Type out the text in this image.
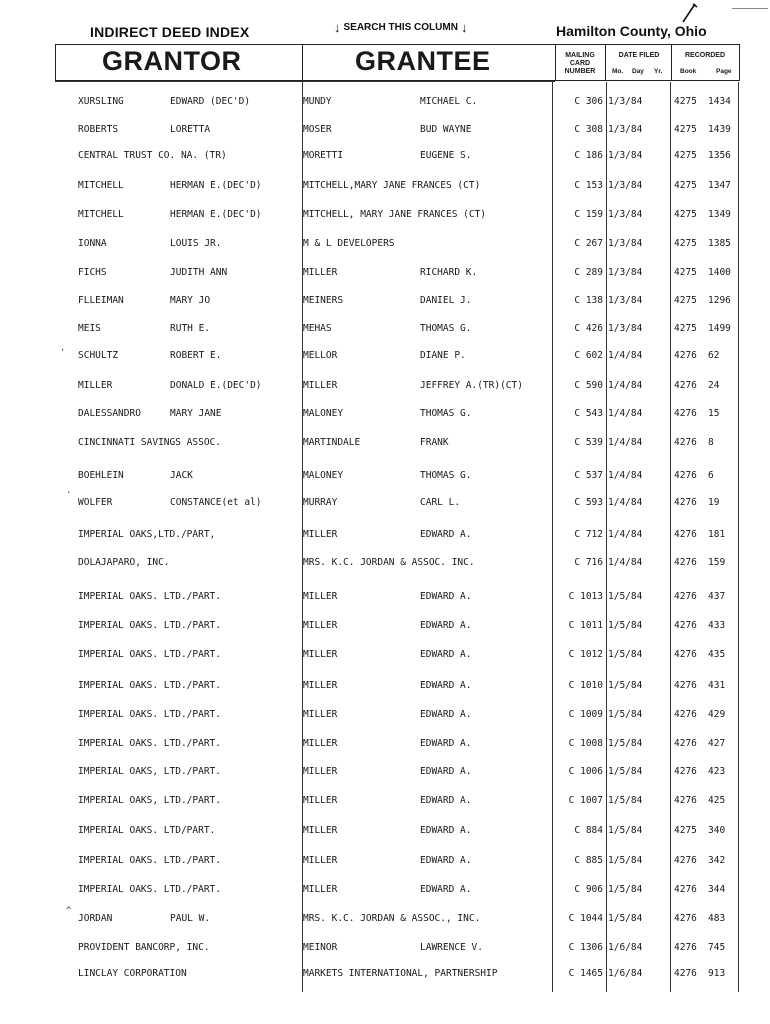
INDIRECT DEED INDEX	↓ SEARCH THIS COLUMN ↓	Hamilton County, Ohio
GRANTOR	GRANTEE	MAILING CARD NUMBER
DATE FILED	RECORDED
Mo. Day Yr.	Book	Page
'
.
^
XURSLING	EDWARD (DEC'D)	MUNDY	MICHAEL C.	C 306 1/3/84	4275 1434
ROBERTS	LORETTA	MOSER	BUD WAYNE	C 308 1/3/84	4275 1439
CENTRAL TRUST CO. NA. (TR)	MORETTI	EUGENE S.	C 186 1/3/84	4275 1356
MITCHELL	HERMAN E.(DEC'D)	MITCHELL,MARY JANE FRANCES (CT)	C 153 1/3/84	4275 1347
MITCHELL	HERMAN E.(DEC'D)	MITCHELL, MARY JANE FRANCES (CT)	C 159 1/3/84	4275 1349
IONNA	LOUIS JR.	M & L DEVELOPERS	C 267 1/3/84	4275 1385
FICHS	JUDITH ANN	MILLER	RICHARD K.	C 289 1/3/84	4275 1400
FLLEIMAN	MARY JO	MEINERS	DANIEL J.	C 138 1/3/84	4275 1296
MEIS	RUTH E.	MEHAS	THOMAS G.	C 426 1/3/84	4275 1499
SCHULTZ	ROBERT E.	MELLOR	DIANE P.	C 602 1/4/84	4276 62
MILLER	DONALD E.(DEC'D)	MILLER	JEFFREY A.(TR)(CT)	C 590 1/4/84	4276 24
DALESSANDRO	MARY JANE	MALONEY	THOMAS G.	C 543 1/4/84	4276 15
CINCINNATI SAVINGS ASSOC.	MARTINDALE	FRANK	C 539 1/4/84	4276 8
BOEHLEIN	JACK	MALONEY	THOMAS G.	C 537 1/4/84	4276 6
WOLFER	CONSTANCE(et al)	MURRAY	CARL L.	C 593 1/4/84	4276 19
IMPERIAL OAKS,LTD./PART,	MILLER	EDWARD A.	C 712 1/4/84	4276 181
DOLAJAPARO, INC.	MRS. K.C. JORDAN & ASSOC. INC.	C 716 1/4/84	4276 159
IMPERIAL OAKS. LTD./PART.	MILLER	EDWARD A.	C 1013 1/5/84	4276 437
IMPERIAL OAKS. LTD./PART.	MILLER	EDWARD A.	C 1011 1/5/84	4276 433
IMPERIAL OAKS. LTD./PART.	MILLER	EDWARD A.	C 1012 1/5/84	4276 435
IMPERIAL OAKS. LTD./PART.	MILLER	EDWARD A.	C 1010 1/5/84	4276 431
IMPERIAL OAKS. LTD./PART.	MILLER	EDWARD A.	C 1009 1/5/84	4276 429
IMPERIAL OAKS. LTD./PART.	MILLER	EDWARD A.	C 1008 1/5/84	4276 427
IMPERIAL OAKS, LTD./PART.	MILLER	EDWARD A.	C 1006 1/5/84	4276 423
IMPERIAL OAKS, LTD./PART.	MILLER	EDWARD A.	C 1007 1/5/84	4276 425
IMPERIAL OAKS. LTD/PART.	MILLER	EDWARD A.	C 884 1/5/84	4275 340
IMPERIAL OAKS. LTD./PART.	MILLER	EDWARD A.	C 885 1/5/84	4276 342
IMPERIAL OAKS. LTD./PART.	MILLER	EDWARD A.	C 906 1/5/84	4276 344
JORDAN	PAUL W.	MRS. K.C. JORDAN & ASSOC., INC.	C 1044 1/5/84	4276 483
PROVIDENT BANCORP, INC.	MEINOR	LAWRENCE V.	C 1306 1/6/84	4276 745
LINCLAY CORPORATION	MARKETS INTERNATIONAL, PARTNERSHIP	C 1465 1/6/84	4276 913
